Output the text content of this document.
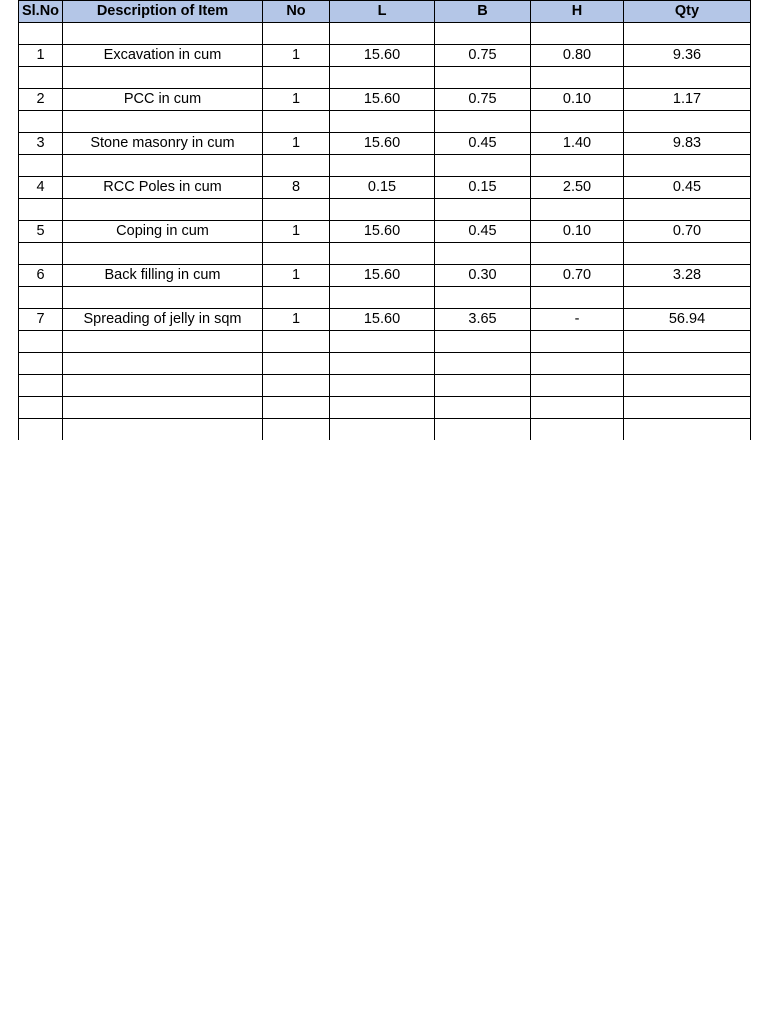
Sl.No	Description of Item	No	L	B	H	Qty

1	Excavation in cum	1	15.60	0.75	0.80	9.36

2	PCC in cum	1	15.60	0.75	0.10	1.17

3	Stone masonry in cum	1	15.60	0.45	1.40	9.83

4	RCC Poles in cum	8	0.15	0.15	2.50	0.45

5	Coping in cum	1	15.60	0.45	0.10	0.70

6	Back filling in cum	1	15.60	0.30	0.70	3.28

7	Spreading of jelly in sqm	1	15.60	3.65	-	56.94
